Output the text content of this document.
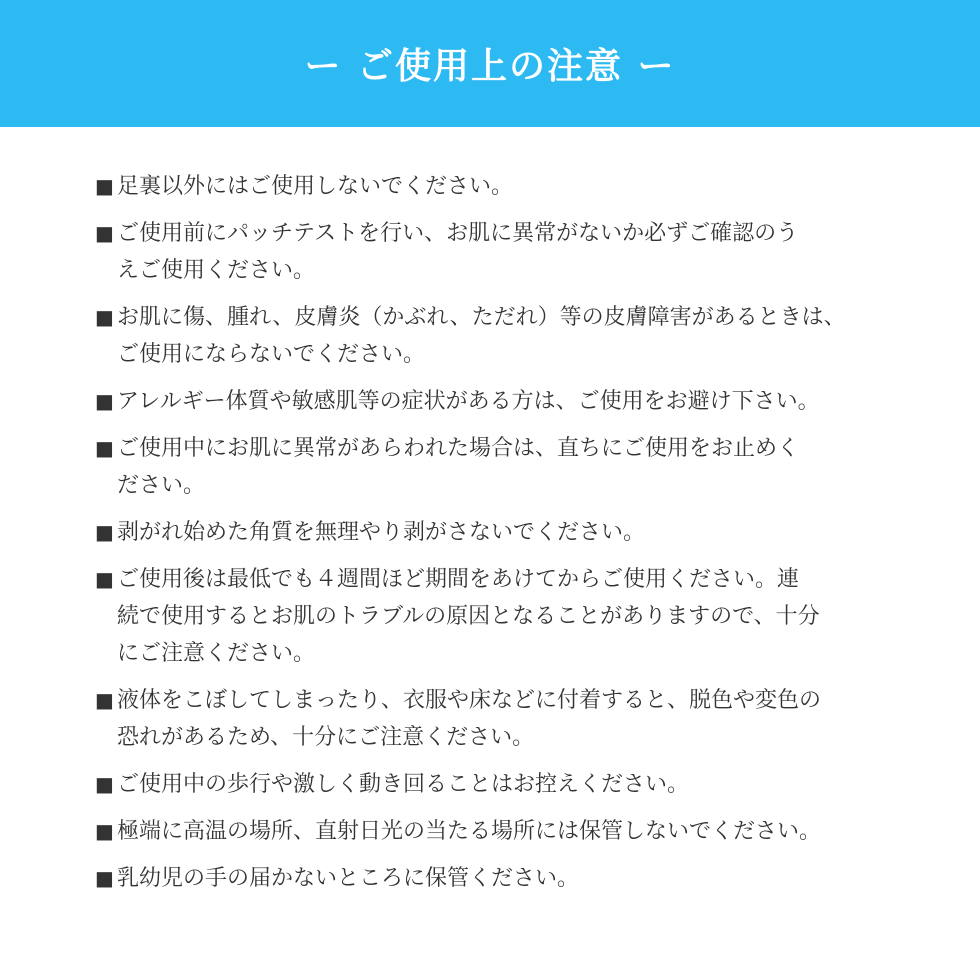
ー ご使用上の注意 ー
■ 足裏以外にはご使用しないでください。
■ ご使用前にパッチテストを行い、お肌に異常がないか必ずご確認のう
えご使用ください。
■ お肌に傷、腫れ、皮膚炎（かぶれ、ただれ）等の皮膚障害があるときは、
ご使用にならないでください。
■ アレルギー体質や敏感肌等の症状がある方は、ご使用をお避け下さい。
■ ご使用中にお肌に異常があらわれた場合は、直ちにご使用をお止めく
ださい。
■ 剥がれ始めた角質を無理やり剥がさないでください。
■ ご使用後は最低でも４週間ほど期間をあけてからご使用ください。連
続で使用するとお肌のトラブルの原因となることがありますので、十分
にご注意ください。
■ 液体をこぼしてしまったり、衣服や床などに付着すると、脱色や変色の
恐れがあるため、十分にご注意ください。
■ ご使用中の歩行や激しく動き回ることはお控えください。
■ 極端に高温の場所、直射日光の当たる場所には保管しないでください。
■ 乳幼児の手の届かないところに保管ください。
